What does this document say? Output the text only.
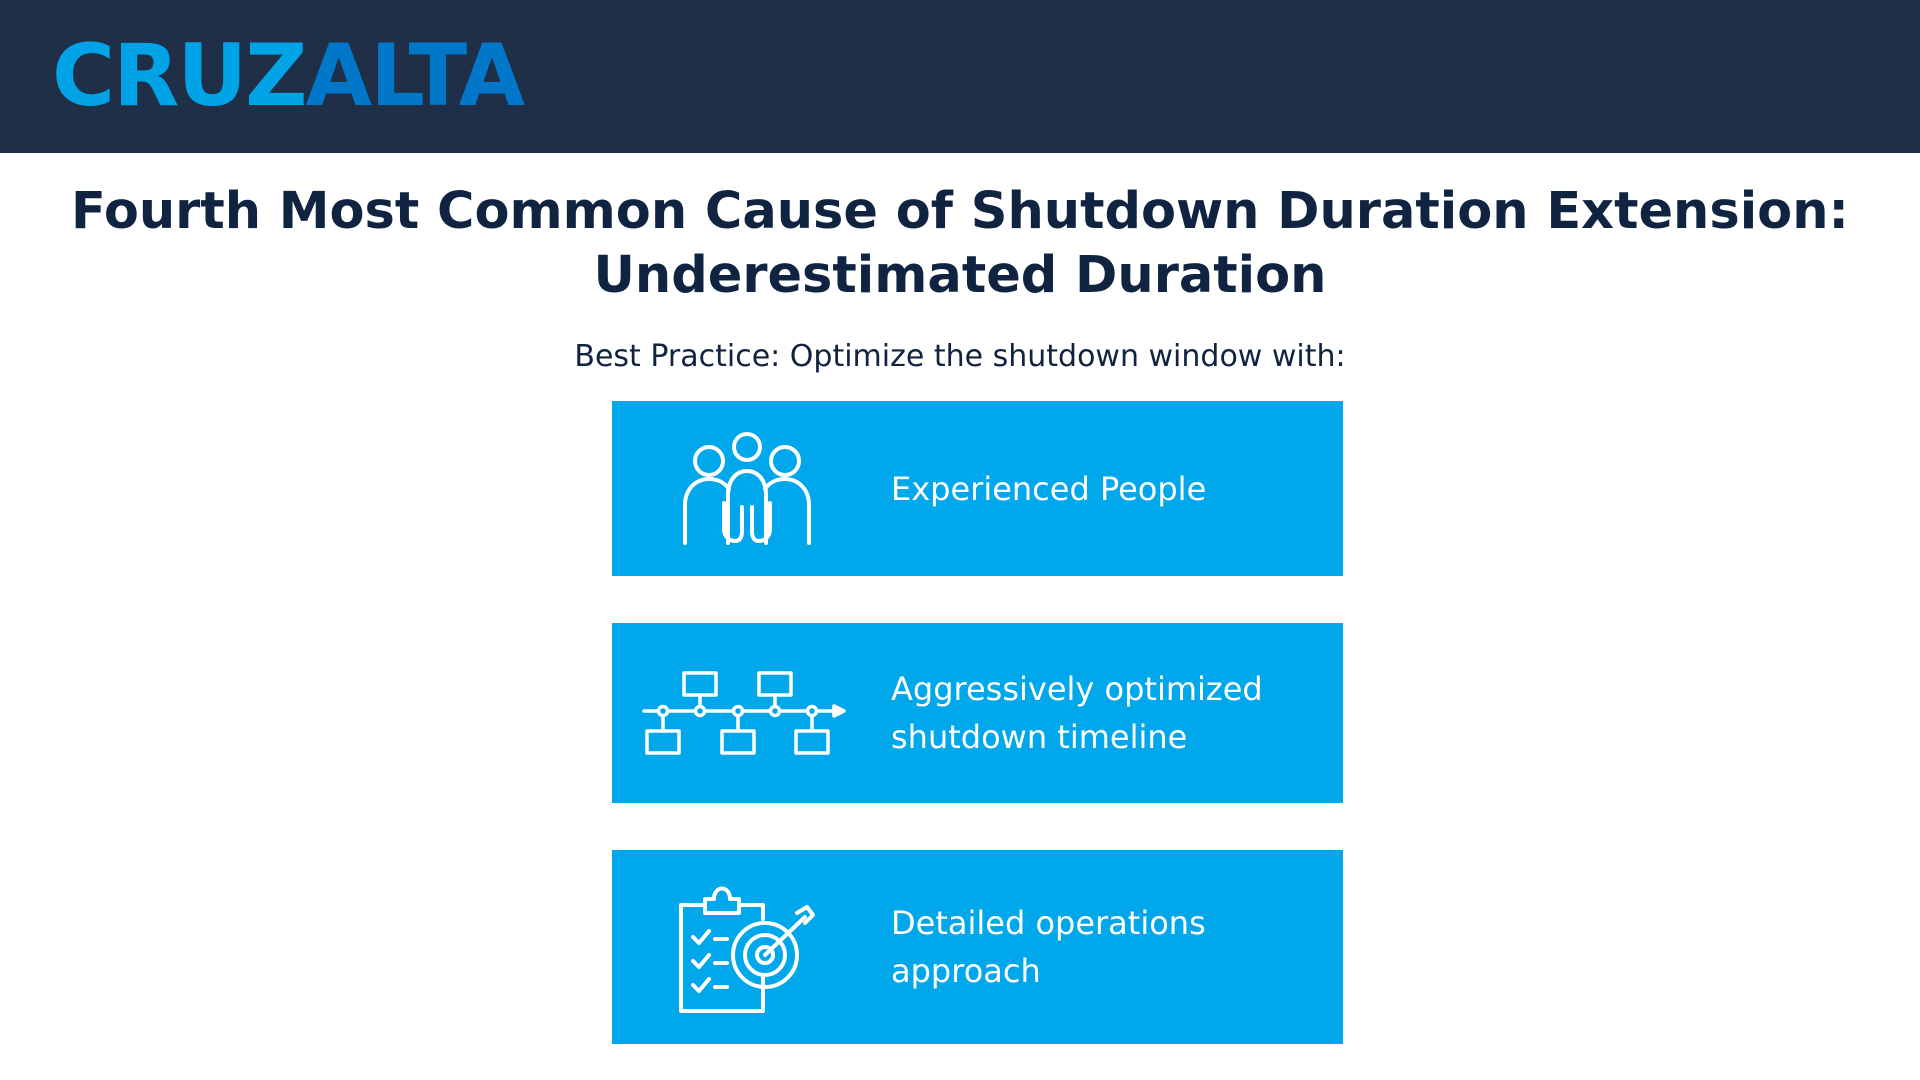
CRUZ ALTA
Fourth Most Common Cause of Shutdown Duration Extension:
Underestimated Duration
Best Practice: Optimize the shutdown window with:
Experienced People
Aggressively optimized
shutdown timeline
Detailed operations
approach
